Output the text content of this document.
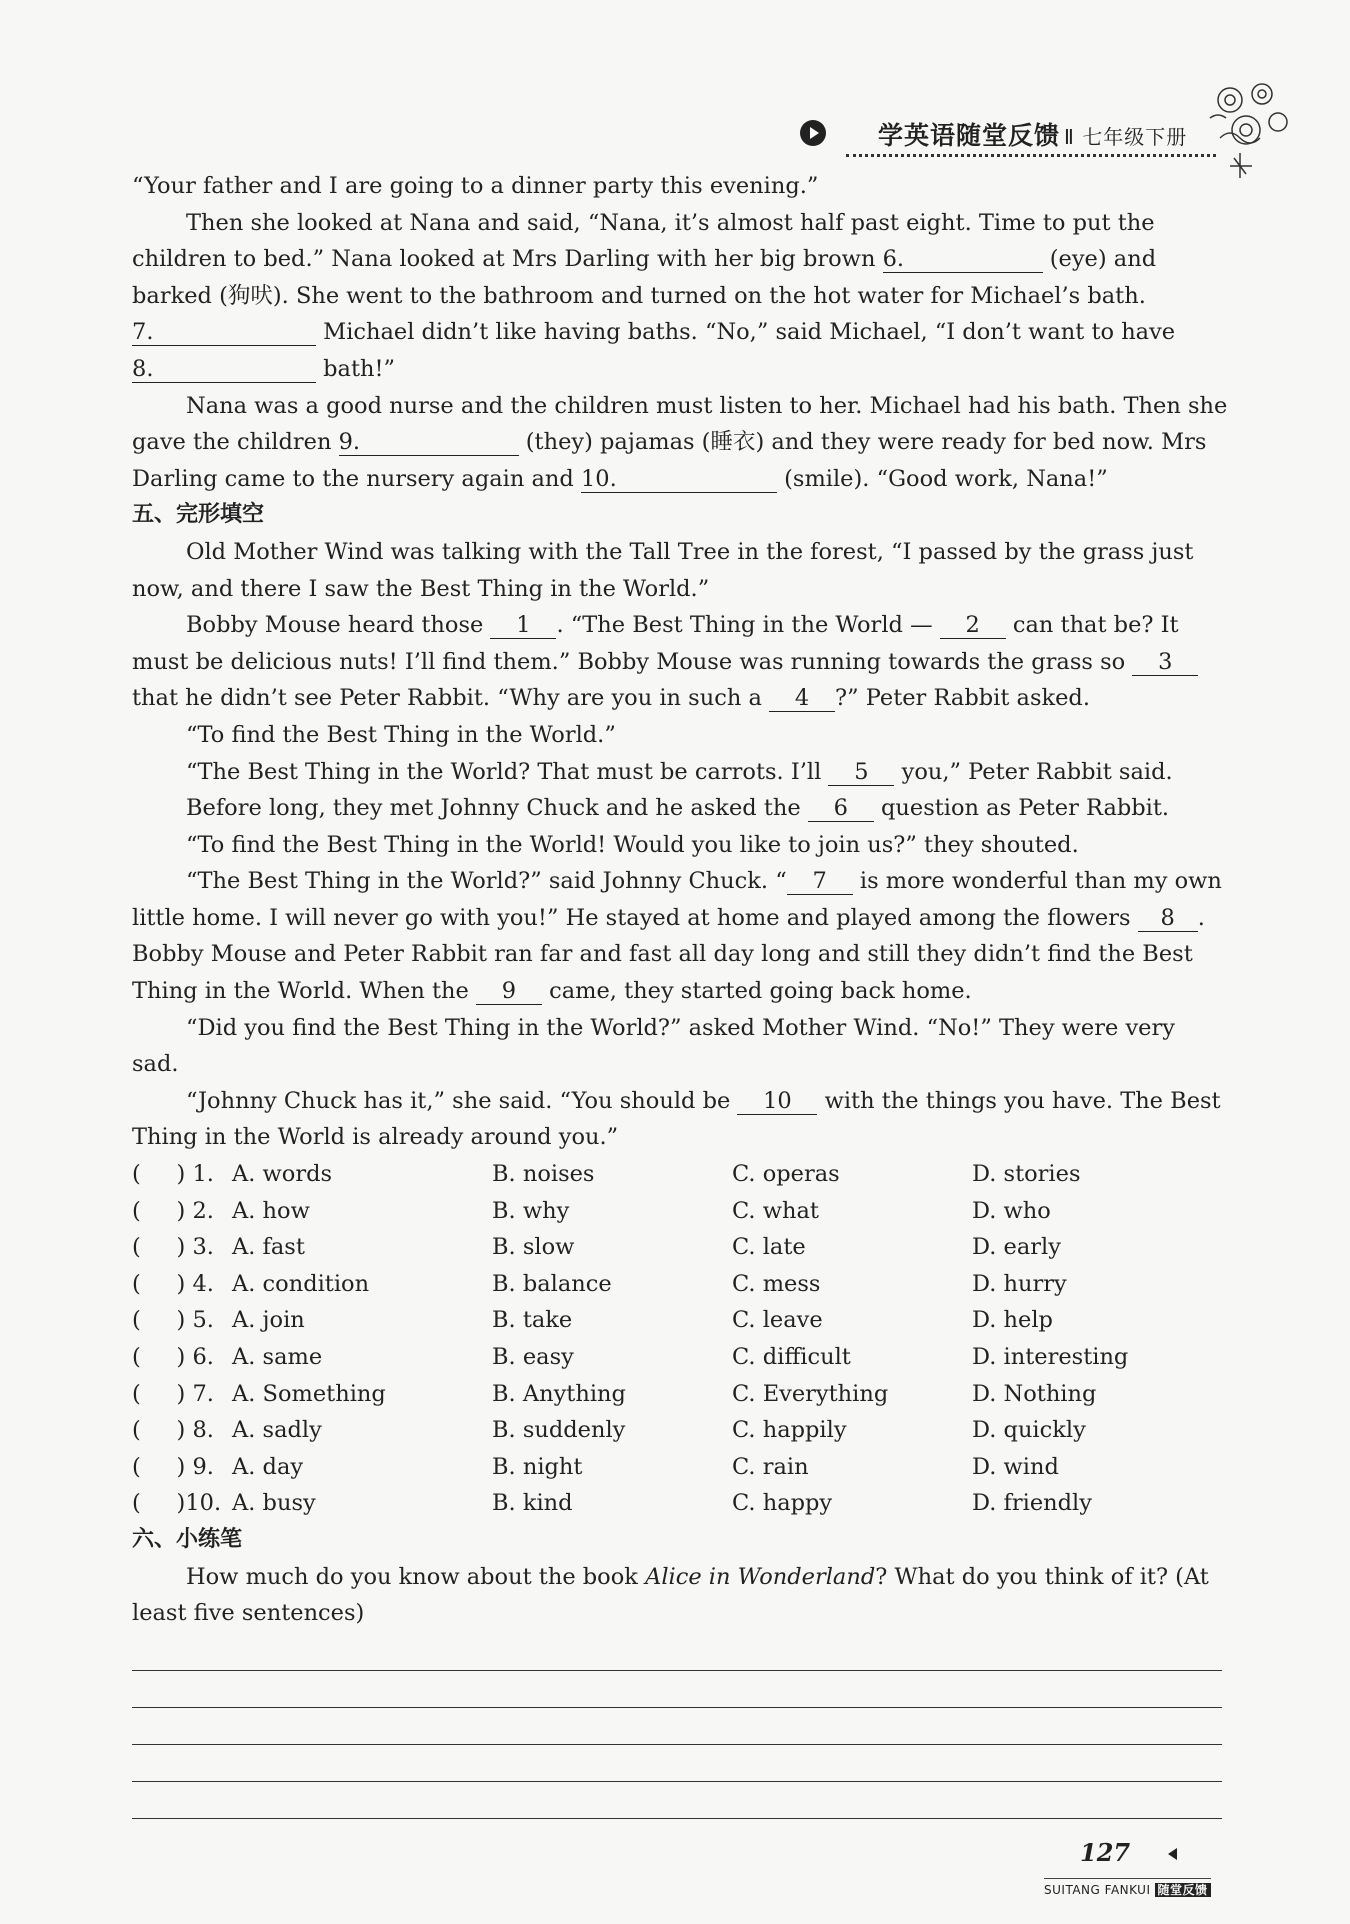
学英语随堂反馈 Ⅱ 七年级下册

“Your father and I are going to a dinner party this evening.”

Then she looked at Nana and said, “Nana, it’s almost half past eight. Time to put the children to bed.” Nana looked at Mrs Darling with her big brown 6.	(eye) and barked (狗吠). She went to the bathroom and turned on the hot water for Michael’s bath. 7.	Michael didn’t like having baths. “No,” said Michael, “I don’t want to have 8.	bath!”

Nana was a good nurse and the children must listen to her. Michael had his bath. Then she gave the children 9.	(they) pajamas (睡衣) and they were ready for bed now. Mrs Darling came to the nursery again and 10.	(smile). “Good work, Nana!”

五、完形填空

Old Mother Wind was talking with the Tall Tree in the forest, “I passed by the grass just now, and there I saw the Best Thing in the World.”

Bobby Mouse heard those 1 . “The Best Thing in the World — 2 can that be? It must be delicious nuts! I’ll find them.” Bobby Mouse was running towards the grass so 3 that he didn’t see Peter Rabbit. “Why are you in such a 4 ?” Peter Rabbit asked.

“To find the Best Thing in the World.”

“The Best Thing in the World? That must be carrots. I’ll 5 you,” Peter Rabbit said.

Before long, they met Johnny Chuck and he asked the 6 question as Peter Rabbit.

“To find the Best Thing in the World! Would you like to join us?” they shouted.

“The Best Thing in the World?” said Johnny Chuck. “ 7 is more wonderful than my own little home. I will never go with you!” He stayed at home and played among the flowers 8 . Bobby Mouse and Peter Rabbit ran far and fast all day long and still they didn’t find the Best Thing in the World. When the 9 came, they started going back home.

“Did you find the Best Thing in the World?” asked Mother Wind. “No!” They were very sad.

“Johnny Chuck has it,” she said. “You should be 10 with the things you have. The Best Thing in the World is already around you.”

(     ) 1. A. words	B. noises	C. operas	D. stories
(     ) 2. A. how	B. why	C. what	D. who
(     ) 3. A. fast	B. slow	C. late	D. early
(     ) 4. A. condition	B. balance	C. mess	D. hurry
(     ) 5. A. join	B. take	C. leave	D. help
(     ) 6. A. same	B. easy	C. difficult	D. interesting
(     ) 7. A. Something	B. Anything	C. Everything	D. Nothing
(     ) 8. A. sadly	B. suddenly	C. happily	D. quickly
(     ) 9. A. day	B. night	C. rain	D. wind
(     )10. A. busy	B. kind	C. happy	D. friendly

六、小练笔

How much do you know about the book Alice in Wonderland? What do you think of it? (At least five sentences)

127
SUITANG FANKUI 随堂反馈
